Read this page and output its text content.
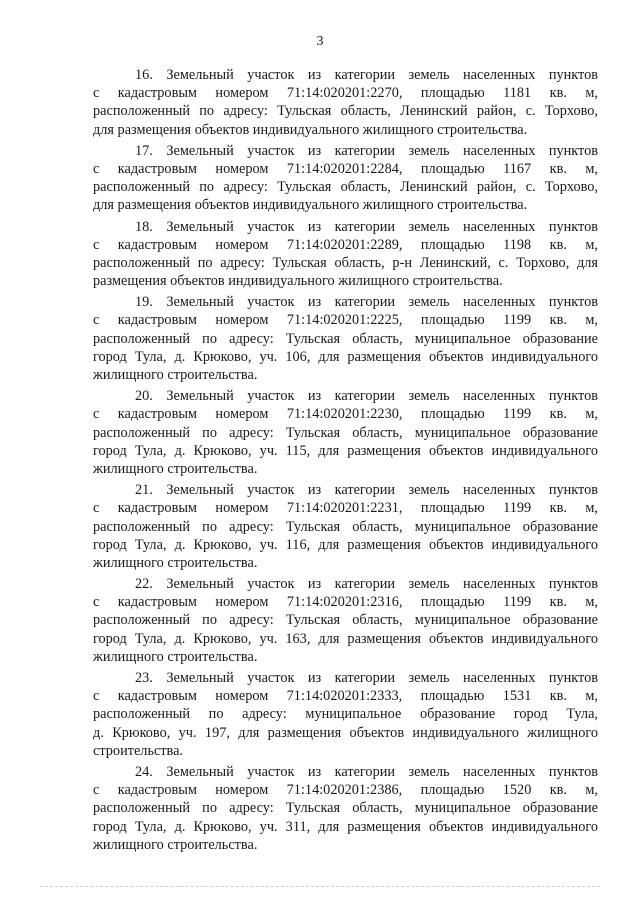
3
16. Земельный участок из категории земель населенных пунктов
с кадастровым номером 71:14:020201:2270, площадью 1181 кв. м,
расположенный по адресу: Тульская область, Ленинский район, с. Торхово,
для размещения объектов индивидуального жилищного строительства.
17. Земельный участок из категории земель населенных пунктов
с кадастровым номером 71:14:020201:2284, площадью 1167 кв. м,
расположенный по адресу: Тульская область, Ленинский район, с. Торхово,
для размещения объектов индивидуального жилищного строительства.
18. Земельный участок из категории земель населенных пунктов
с кадастровым номером 71:14:020201:2289, площадью 1198 кв. м,
расположенный по адресу: Тульская область, р-н Ленинский, с. Торхово, для
размещения объектов индивидуального жилищного строительства.
19. Земельный участок из категории земель населенных пунктов
с кадастровым номером 71:14:020201:2225, площадью 1199 кв. м,
расположенный по адресу: Тульская область, муниципальное образование
город Тула, д. Крюково, уч. 106, для размещения объектов индивидуального
жилищного строительства.
20. Земельный участок из категории земель населенных пунктов
с кадастровым номером 71:14:020201:2230, площадью 1199 кв. м,
расположенный по адресу: Тульская область, муниципальное образование
город Тула, д. Крюково, уч. 115, для размещения объектов индивидуального
жилищного строительства.
21. Земельный участок из категории земель населенных пунктов
с кадастровым номером 71:14:020201:2231, площадью 1199 кв. м,
расположенный по адресу: Тульская область, муниципальное образование
город Тула, д. Крюково, уч. 116, для размещения объектов индивидуального
жилищного строительства.
22. Земельный участок из категории земель населенных пунктов
с кадастровым номером 71:14:020201:2316, площадью 1199 кв. м,
расположенный по адресу: Тульская область, муниципальное образование
город Тула, д. Крюково, уч. 163, для размещения объектов индивидуального
жилищного строительства.
23. Земельный участок из категории земель населенных пунктов
с кадастровым номером 71:14:020201:2333, площадью 1531 кв. м,
расположенный по адресу: муниципальное образование город Тула,
д. Крюково, уч. 197, для размещения объектов индивидуального жилищного
строительства.
24. Земельный участок из категории земель населенных пунктов
с кадастровым номером 71:14:020201:2386, площадью 1520 кв. м,
расположенный по адресу: Тульская область, муниципальное образование
город Тула, д. Крюково, уч. 311, для размещения объектов индивидуального
жилищного строительства.
